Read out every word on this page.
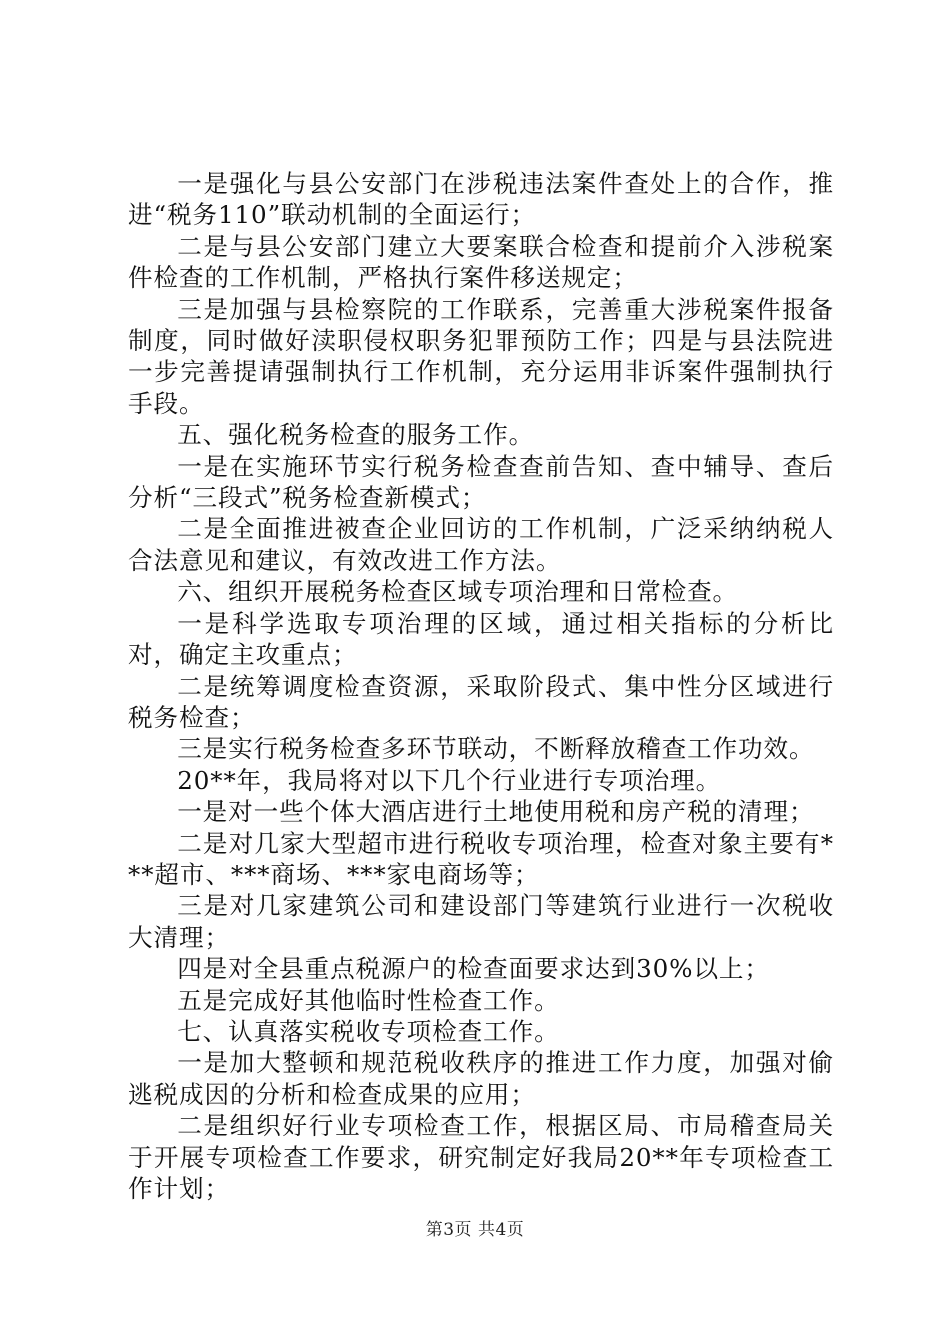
一是强化与县公安部门在涉税违法案件查处上的合作，推进“税务110”联动机制的全面运行；

二是与县公安部门建立大要案联合检查和提前介入涉税案件检查的工作机制，严格执行案件移送规定；

三是加强与县检察院的工作联系，完善重大涉税案件报备制度，同时做好渎职侵权职务犯罪预防工作；四是与县法院进一步完善提请强制执行工作机制，充分运用非诉案件强制执行手段。

五、强化税务检查的服务工作。

一是在实施环节实行税务检查查前告知、查中辅导、查后分析“三段式”税务检查新模式；

二是全面推进被查企业回访的工作机制，广泛采纳纳税人合法意见和建议，有效改进工作方法。

六、组织开展税务检查区域专项治理和日常检查。

一是科学选取专项治理的区域，通过相关指标的分析比对，确定主攻重点；

二是统筹调度检查资源，采取阶段式、集中性分区域进行税务检查；

三是实行税务检查多环节联动，不断释放稽查工作功效。

20**年，我局将对以下几个行业进行专项治理。

一是对一些个体大酒店进行土地使用税和房产税的清理；

二是对几家大型超市进行税收专项治理，检查对象主要有***超市、***商场、***家电商场等；

三是对几家建筑公司和建设部门等建筑行业进行一次税收大清理；

四是对全县重点税源户的检查面要求达到30%以上；

五是完成好其他临时性检查工作。

七、认真落实税收专项检查工作。

一是加大整顿和规范税收秩序的推进工作力度，加强对偷逃税成因的分析和检查成果的应用；

二是组织好行业专项检查工作，根据区局、市局稽查局关于开展专项检查工作要求，研究制定好我局20**年专项检查工作计划；

第3页 共4页
